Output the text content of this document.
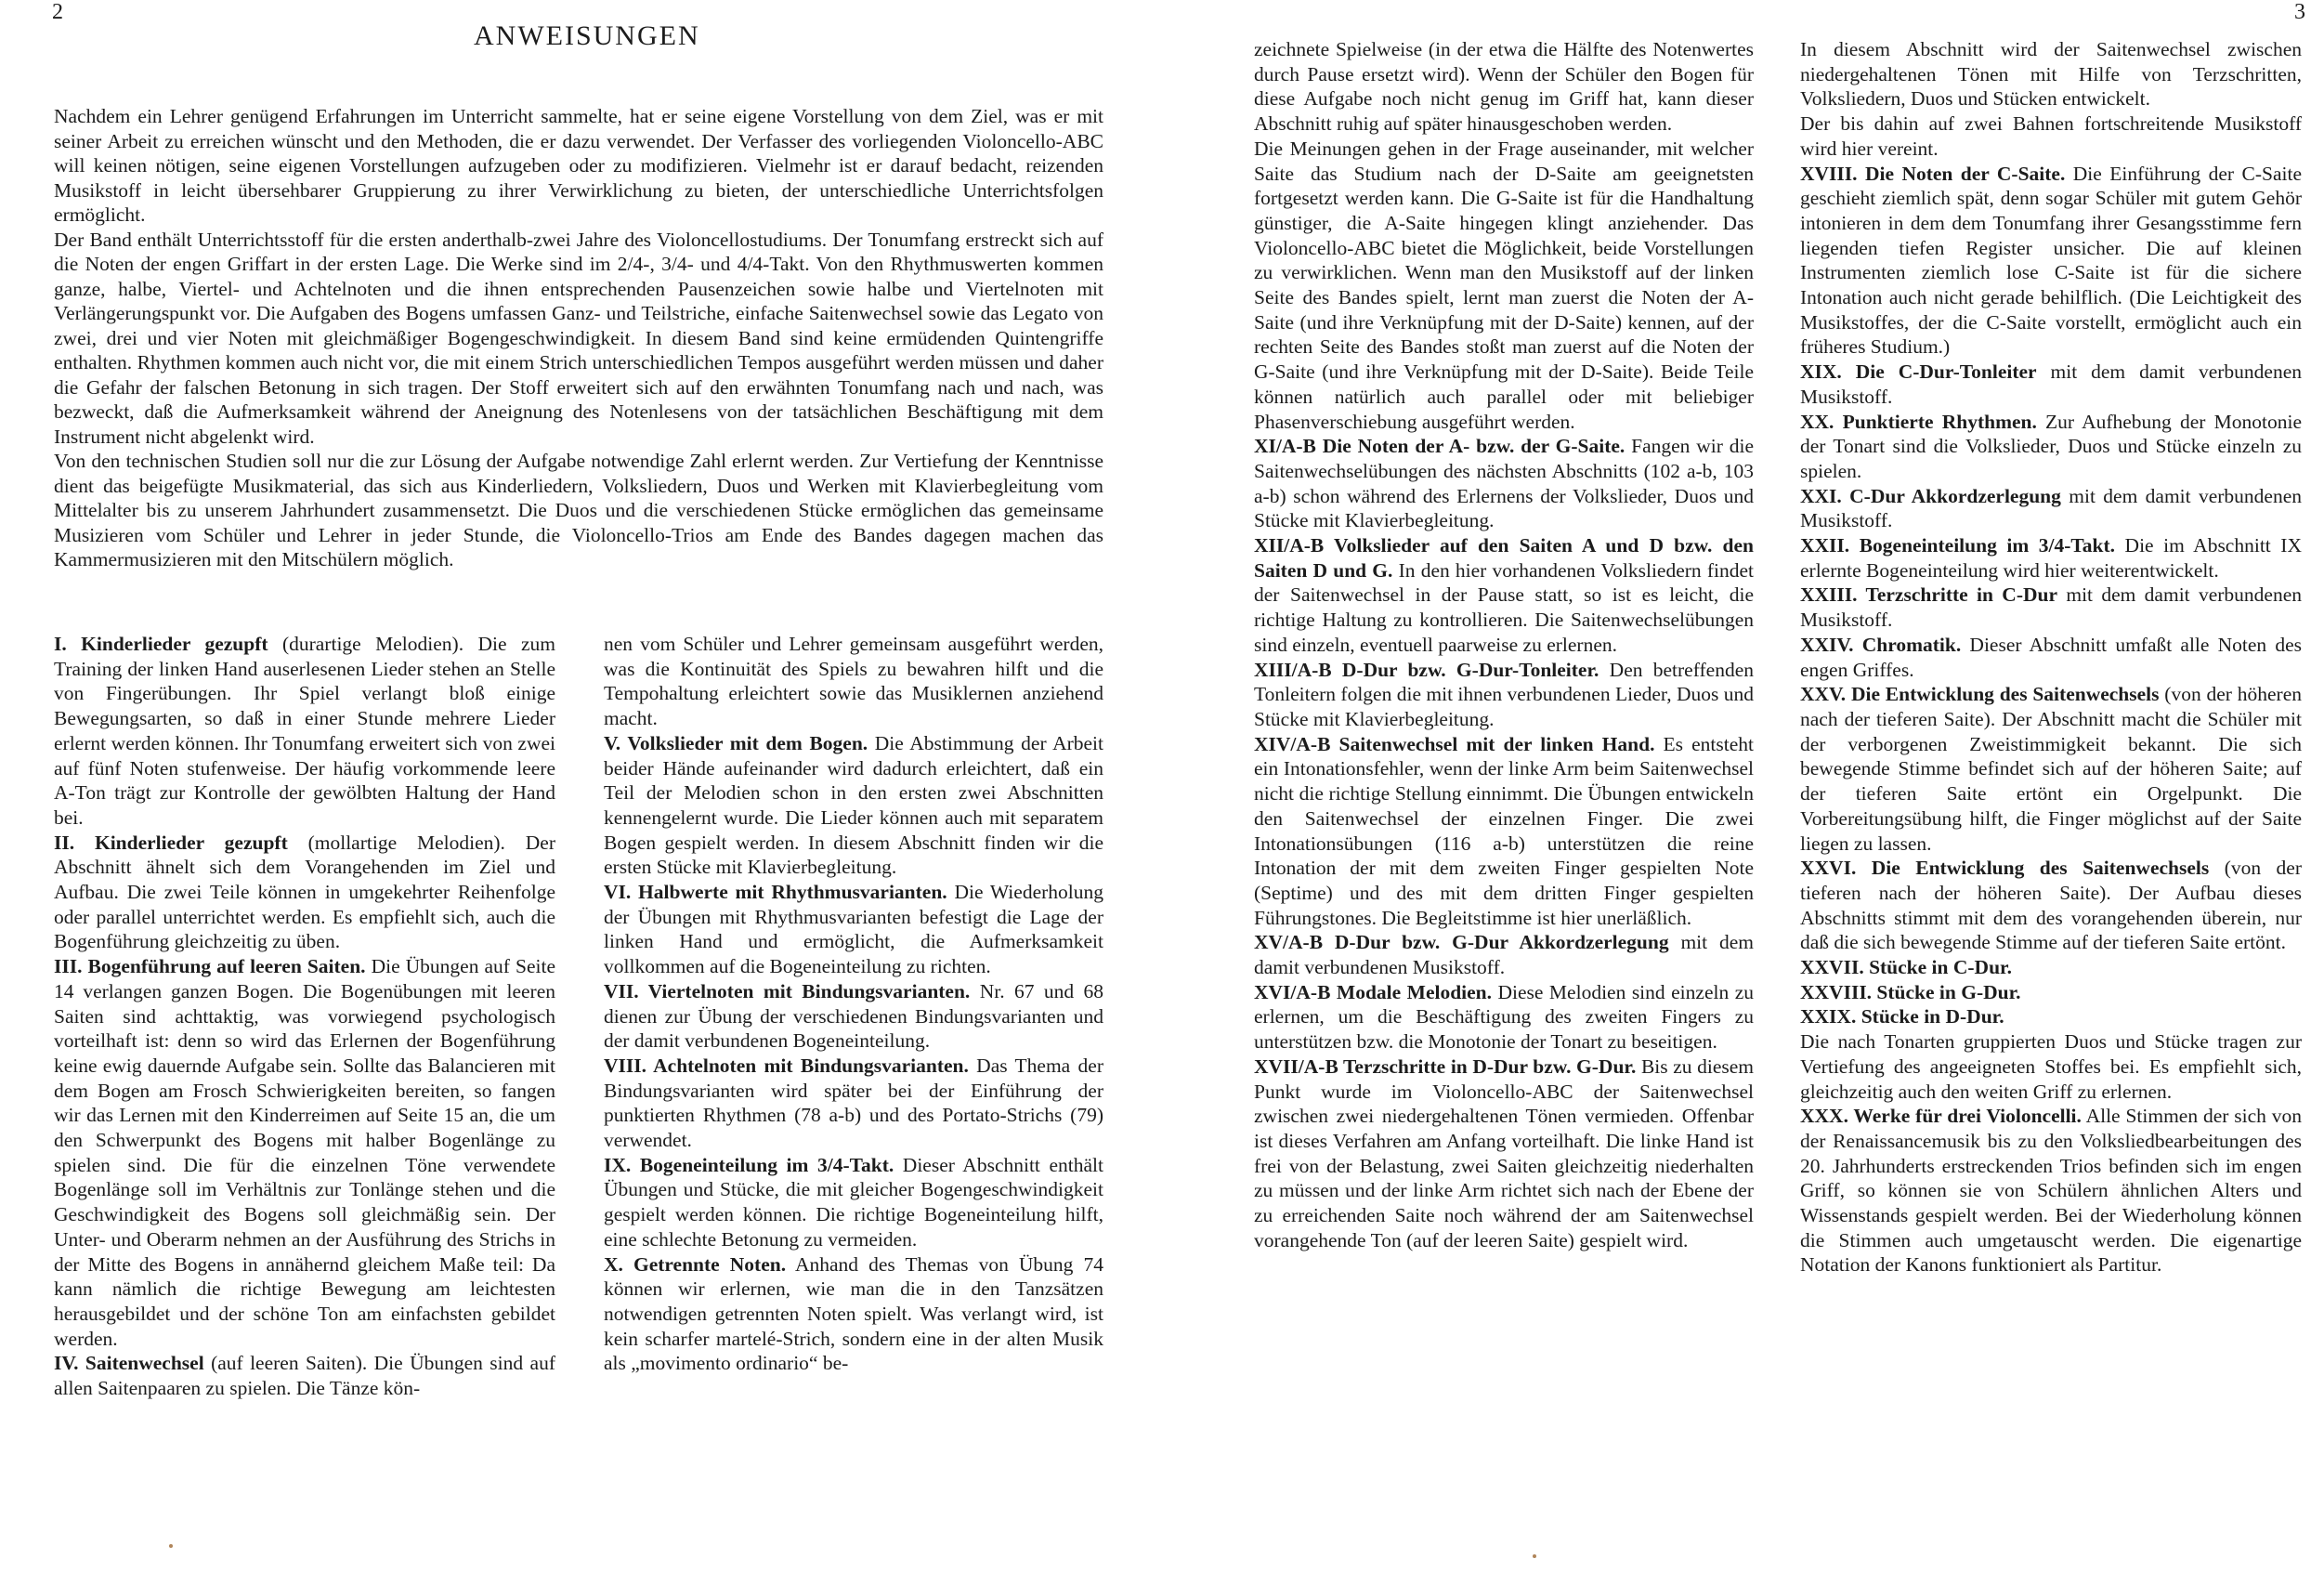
2	3
ANWEISUNGEN

Nachdem ein Lehrer genügend Erfahrungen im Unterricht sammelte, hat er seine eigene Vorstellung von dem Ziel, was er mit seiner Arbeit zu erreichen wünscht und den Methoden, die er dazu verwendet. Der Verfasser des vorliegenden Violoncello-ABC will keinen nötigen, seine eigenen Vorstellungen aufzugeben oder zu modifizieren. Vielmehr ist er darauf bedacht, reizenden Musikstoff in leicht übersehbarer Gruppierung zu ihrer Verwirklichung zu bieten, der unterschiedliche Unterrichtsfolgen ermöglicht.

Der Band enthält Unterrichtsstoff für die ersten anderthalb-zwei Jahre des Violoncellostudiums. Der Tonumfang erstreckt sich auf die Noten der engen Griffart in der ersten Lage. Die Werke sind im 2/4-, 3/4- und 4/4-Takt. Von den Rhythmuswerten kommen ganze, halbe, Viertel- und Achtelnoten und die ihnen entsprechenden Pausenzeichen sowie halbe und Viertelnoten mit Verlängerungspunkt vor. Die Aufgaben des Bogens umfassen Ganz- und Teilstriche, einfache Saitenwechsel sowie das Legato von zwei, drei und vier Noten mit gleichmäßiger Bogengeschwindigkeit. In diesem Band sind keine ermüdenden Quintengriffe enthalten. Rhythmen kommen auch nicht vor, die mit einem Strich unterschiedlichen Tempos ausgeführt werden müssen und daher die Gefahr der falschen Betonung in sich tragen. Der Stoff erweitert sich auf den erwähnten Tonumfang nach und nach, was bezweckt, daß die Aufmerksamkeit während der Aneignung des Notenlesens von der tatsächlichen Beschäftigung mit dem Instrument nicht abgelenkt wird.

Von den technischen Studien soll nur die zur Lösung der Aufgabe notwendige Zahl erlernt werden. Zur Vertiefung der Kenntnisse dient das beigefügte Musikmaterial, das sich aus Kinderliedern, Volksliedern, Duos und Werken mit Klavierbegleitung vom Mittelalter bis zu unserem Jahrhundert zusammensetzt. Die Duos und die verschiedenen Stücke ermöglichen das gemeinsame Musizieren vom Schüler und Lehrer in jeder Stunde, die Violoncello-Trios am Ende des Bandes dagegen machen das Kammermusizieren mit den Mitschülern möglich.

I. Kinderlieder gezupft (durartige Melodien). Die zum Training der linken Hand auserlesenen Lieder stehen an Stelle von Fingerübungen. Ihr Spiel verlangt bloß einige Bewegungsarten, so daß in einer Stunde mehrere Lieder erlernt werden können. Ihr Tonumfang erweitert sich von zwei auf fünf Noten stufenweise. Der häufig vorkommende leere A-Ton trägt zur Kontrolle der gewölbten Haltung der Hand bei.

II. Kinderlieder gezupft (mollartige Melodien). Der Abschnitt ähnelt sich dem Vorangehenden im Ziel und Aufbau. Die zwei Teile können in umgekehrter Reihenfolge oder parallel unterrichtet werden. Es empfiehlt sich, auch die Bogenführung gleichzeitig zu üben.

III. Bogenführung auf leeren Saiten. Die Übungen auf Seite 14 verlangen ganzen Bogen. Die Bogenübungen mit leeren Saiten sind achttaktig, was vorwiegend psychologisch vorteilhaft ist: denn so wird das Erlernen der Bogenführung keine ewig dauernde Aufgabe sein. Sollte das Balancieren mit dem Bogen am Frosch Schwierigkeiten bereiten, so fangen wir das Lernen mit den Kinderreimen auf Seite 15 an, die um den Schwerpunkt des Bogens mit halber Bogenlänge zu spielen sind. Die für die einzelnen Töne verwendete Bogenlänge soll im Verhältnis zur Tonlänge stehen und die Geschwindigkeit des Bogens soll gleichmäßig sein. Der Unter- und Oberarm nehmen an der Ausführung des Strichs in der Mitte des Bogens in annähernd gleichem Maße teil: Da kann nämlich die richtige Bewegung am leichtesten herausgebildet und der schöne Ton am einfachsten gebildet werden.

IV. Saitenwechsel (auf leeren Saiten). Die Übungen sind auf allen Saitenpaaren zu spielen. Die Tänze kön-

nen vom Schüler und Lehrer gemeinsam ausgeführt werden, was die Kontinuität des Spiels zu bewahren hilft und die Tempohaltung erleichtert sowie das Musiklernen anziehend macht.

V. Volkslieder mit dem Bogen. Die Abstimmung der Arbeit beider Hände aufeinander wird dadurch erleichtert, daß ein Teil der Melodien schon in den ersten zwei Abschnitten kennengelernt wurde. Die Lieder können auch mit separatem Bogen gespielt werden. In diesem Abschnitt finden wir die ersten Stücke mit Klavierbegleitung.

VI. Halbwerte mit Rhythmusvarianten. Die Wiederholung der Übungen mit Rhythmusvarianten befestigt die Lage der linken Hand und ermöglicht, die Aufmerksamkeit vollkommen auf die Bogeneinteilung zu richten.

VII. Viertelnoten mit Bindungsvarianten. Nr. 67 und 68 dienen zur Übung der verschiedenen Bindungsvarianten und der damit verbundenen Bogeneinteilung.

VIII. Achtelnoten mit Bindungsvarianten. Das Thema der Bindungsvarianten wird später bei der Einführung der punktierten Rhythmen (78 a-b) und des Portato-Strichs (79) verwendet.

IX. Bogeneinteilung im 3/4-Takt. Dieser Abschnitt enthält Übungen und Stücke, die mit gleicher Bogengeschwindigkeit gespielt werden können. Die richtige Bogeneinteilung hilft, eine schlechte Betonung zu vermeiden.

X. Getrennte Noten. Anhand des Themas von Übung 74 können wir erlernen, wie man die in den Tanzsätzen notwendigen getrennten Noten spielt. Was verlangt wird, ist kein scharfer martelé-Strich, sondern eine in der alten Musik als „movimento ordinario“ be-

zeichnete Spielweise (in der etwa die Hälfte des Notenwertes durch Pause ersetzt wird). Wenn der Schüler den Bogen für diese Aufgabe noch nicht genug im Griff hat, kann dieser Abschnitt ruhig auf später hinausgeschoben werden.

Die Meinungen gehen in der Frage auseinander, mit welcher Saite das Studium nach der D-Saite am geeignetsten fortgesetzt werden kann. Die G-Saite ist für die Handhaltung günstiger, die A-Saite hingegen klingt anziehender. Das Violoncello-ABC bietet die Möglichkeit, beide Vorstellungen zu verwirklichen. Wenn man den Musikstoff auf der linken Seite des Bandes spielt, lernt man zuerst die Noten der A-Saite (und ihre Verknüpfung mit der D-Saite) kennen, auf der rechten Seite des Bandes stoßt man zuerst auf die Noten der G-Saite (und ihre Verknüpfung mit der D-Saite). Beide Teile können natürlich auch parallel oder mit beliebiger Phasenverschiebung ausgeführt werden.

XI/A-B Die Noten der A- bzw. der G-Saite. Fangen wir die Saitenwechselübungen des nächsten Abschnitts (102 a-b, 103 a-b) schon während des Erlernens der Volkslieder, Duos und Stücke mit Klavierbegleitung.

XII/A-B Volkslieder auf den Saiten A und D bzw. den Saiten D und G. In den hier vorhandenen Volksliedern findet der Saitenwechsel in der Pause statt, so ist es leicht, die richtige Haltung zu kontrollieren. Die Saitenwechselübungen sind einzeln, eventuell paarweise zu erlernen.

XIII/A-B D-Dur bzw. G-Dur-Tonleiter. Den betreffenden Tonleitern folgen die mit ihnen verbundenen Lieder, Duos und Stücke mit Klavierbegleitung.

XIV/A-B Saitenwechsel mit der linken Hand. Es entsteht ein Intonationsfehler, wenn der linke Arm beim Saitenwechsel nicht die richtige Stellung einnimmt. Die Übungen entwickeln den Saitenwechsel der einzelnen Finger. Die zwei Intonationsübungen (116 a-b) unterstützen die reine Intonation der mit dem zweiten Finger gespielten Note (Septime) und des mit dem dritten Finger gespielten Führungstones. Die Begleitstimme ist hier unerläßlich.

XV/A-B D-Dur bzw. G-Dur Akkordzerlegung mit dem damit verbundenen Musikstoff.

XVI/A-B Modale Melodien. Diese Melodien sind einzeln zu erlernen, um die Beschäftigung des zweiten Fingers zu unterstützen bzw. die Monotonie der Tonart zu beseitigen.

XVII/A-B Terzschritte in D-Dur bzw. G-Dur. Bis zu diesem Punkt wurde im Violoncello-ABC der Saitenwechsel zwischen zwei niedergehaltenen Tönen vermieden. Offenbar ist dieses Verfahren am Anfang vorteilhaft. Die linke Hand ist frei von der Belastung, zwei Saiten gleichzeitig niederhalten zu müssen und der linke Arm richtet sich nach der Ebene der zu erreichenden Saite noch während der am Saitenwechsel vorangehende Ton (auf der leeren Saite) gespielt wird.

In diesem Abschnitt wird der Saitenwechsel zwischen niedergehaltenen Tönen mit Hilfe von Terzschritten, Volksliedern, Duos und Stücken entwickelt.

Der bis dahin auf zwei Bahnen fortschreitende Musikstoff wird hier vereint.

XVIII. Die Noten der C-Saite. Die Einführung der C-Saite geschieht ziemlich spät, denn sogar Schüler mit gutem Gehör intonieren in dem dem Tonumfang ihrer Gesangsstimme fern liegenden tiefen Register unsicher. Die auf kleinen Instrumenten ziemlich lose C-Saite ist für die sichere Intonation auch nicht gerade behilflich. (Die Leichtigkeit des Musikstoffes, der die C-Saite vorstellt, ermöglicht auch ein früheres Studium.)

XIX. Die C-Dur-Tonleiter mit dem damit verbundenen Musikstoff.

XX. Punktierte Rhythmen. Zur Aufhebung der Monotonie der Tonart sind die Volkslieder, Duos und Stücke einzeln zu spielen.

XXI. C-Dur Akkordzerlegung mit dem damit verbundenen Musikstoff.

XXII. Bogeneinteilung im 3/4-Takt. Die im Abschnitt IX erlernte Bogeneinteilung wird hier weiterentwickelt.

XXIII. Terzschritte in C-Dur mit dem damit verbundenen Musikstoff.

XXIV. Chromatik. Dieser Abschnitt umfaßt alle Noten des engen Griffes.

XXV. Die Entwicklung des Saitenwechsels (von der höheren nach der tieferen Saite). Der Abschnitt macht die Schüler mit der verborgenen Zweistimmigkeit bekannt. Die sich bewegende Stimme befindet sich auf der höheren Saite; auf der tieferen Saite ertönt ein Orgelpunkt. Die Vorbereitungsübung hilft, die Finger möglichst auf der Saite liegen zu lassen.

XXVI. Die Entwicklung des Saitenwechsels (von der tieferen nach der höheren Saite). Der Aufbau dieses Abschnitts stimmt mit dem des vorangehenden überein, nur daß die sich bewegende Stimme auf der tieferen Saite ertönt.

XXVII. Stücke in C-Dur.

XXVIII. Stücke in G-Dur.

XXIX. Stücke in D-Dur.

Die nach Tonarten gruppierten Duos und Stücke tragen zur Vertiefung des angeeigneten Stoffes bei. Es empfiehlt sich, gleichzeitig auch den weiten Griff zu erlernen.

XXX. Werke für drei Violoncelli. Alle Stimmen der sich von der Renaissancemusik bis zu den Volksliedbearbeitungen des 20. Jahrhunderts erstreckenden Trios befinden sich im engen Griff, so können sie von Schülern ähnlichen Alters und Wissenstands gespielt werden. Bei der Wiederholung können die Stimmen auch umgetauscht werden. Die eigenartige Notation der Kanons funktioniert als Partitur.
